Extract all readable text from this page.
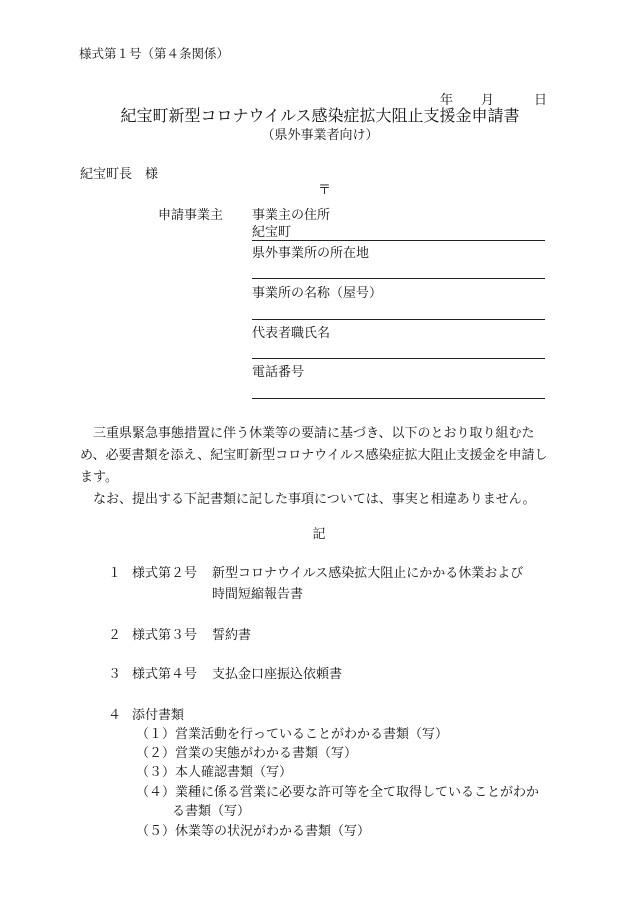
様式第１号（第４条関係）
年 月	日
紀宝町新型コロナウイルス感染症拡大阻止支援金申請書
（県外事業者向け）
紀宝町長　様
〒
申請事業主 事業主の住所
紀宝町
県外事業所の所在地
事業所の名称（屋号）
代表者職氏名
電話番号

三重県緊急事態措置に伴う休業等の要請に基づき、以下のとおり取り組むため、必要書類を添え、紀宝町新型コロナウイルス感染症拡大阻止支援金を申請します。

なお、提出する下記書類に記した事項については、事実と相違ありません。

記
１ 様式第２号 新型コロナウイルス感染拡大阻止にかかる休業および
時間短縮報告書
２ 様式第３号 誓約書
３ 様式第４号 支払金口座振込依頼書
４ 添付書類
（１）営業活動を行っていることがわかる書類（写）
（２）営業の実態がわかる書類（写）
（３）本人確認書類（写）
（４）業種に係る営業に必要な許可等を全て取得していることがわか
る書類（写）
（５）休業等の状況がわかる書類（写）
